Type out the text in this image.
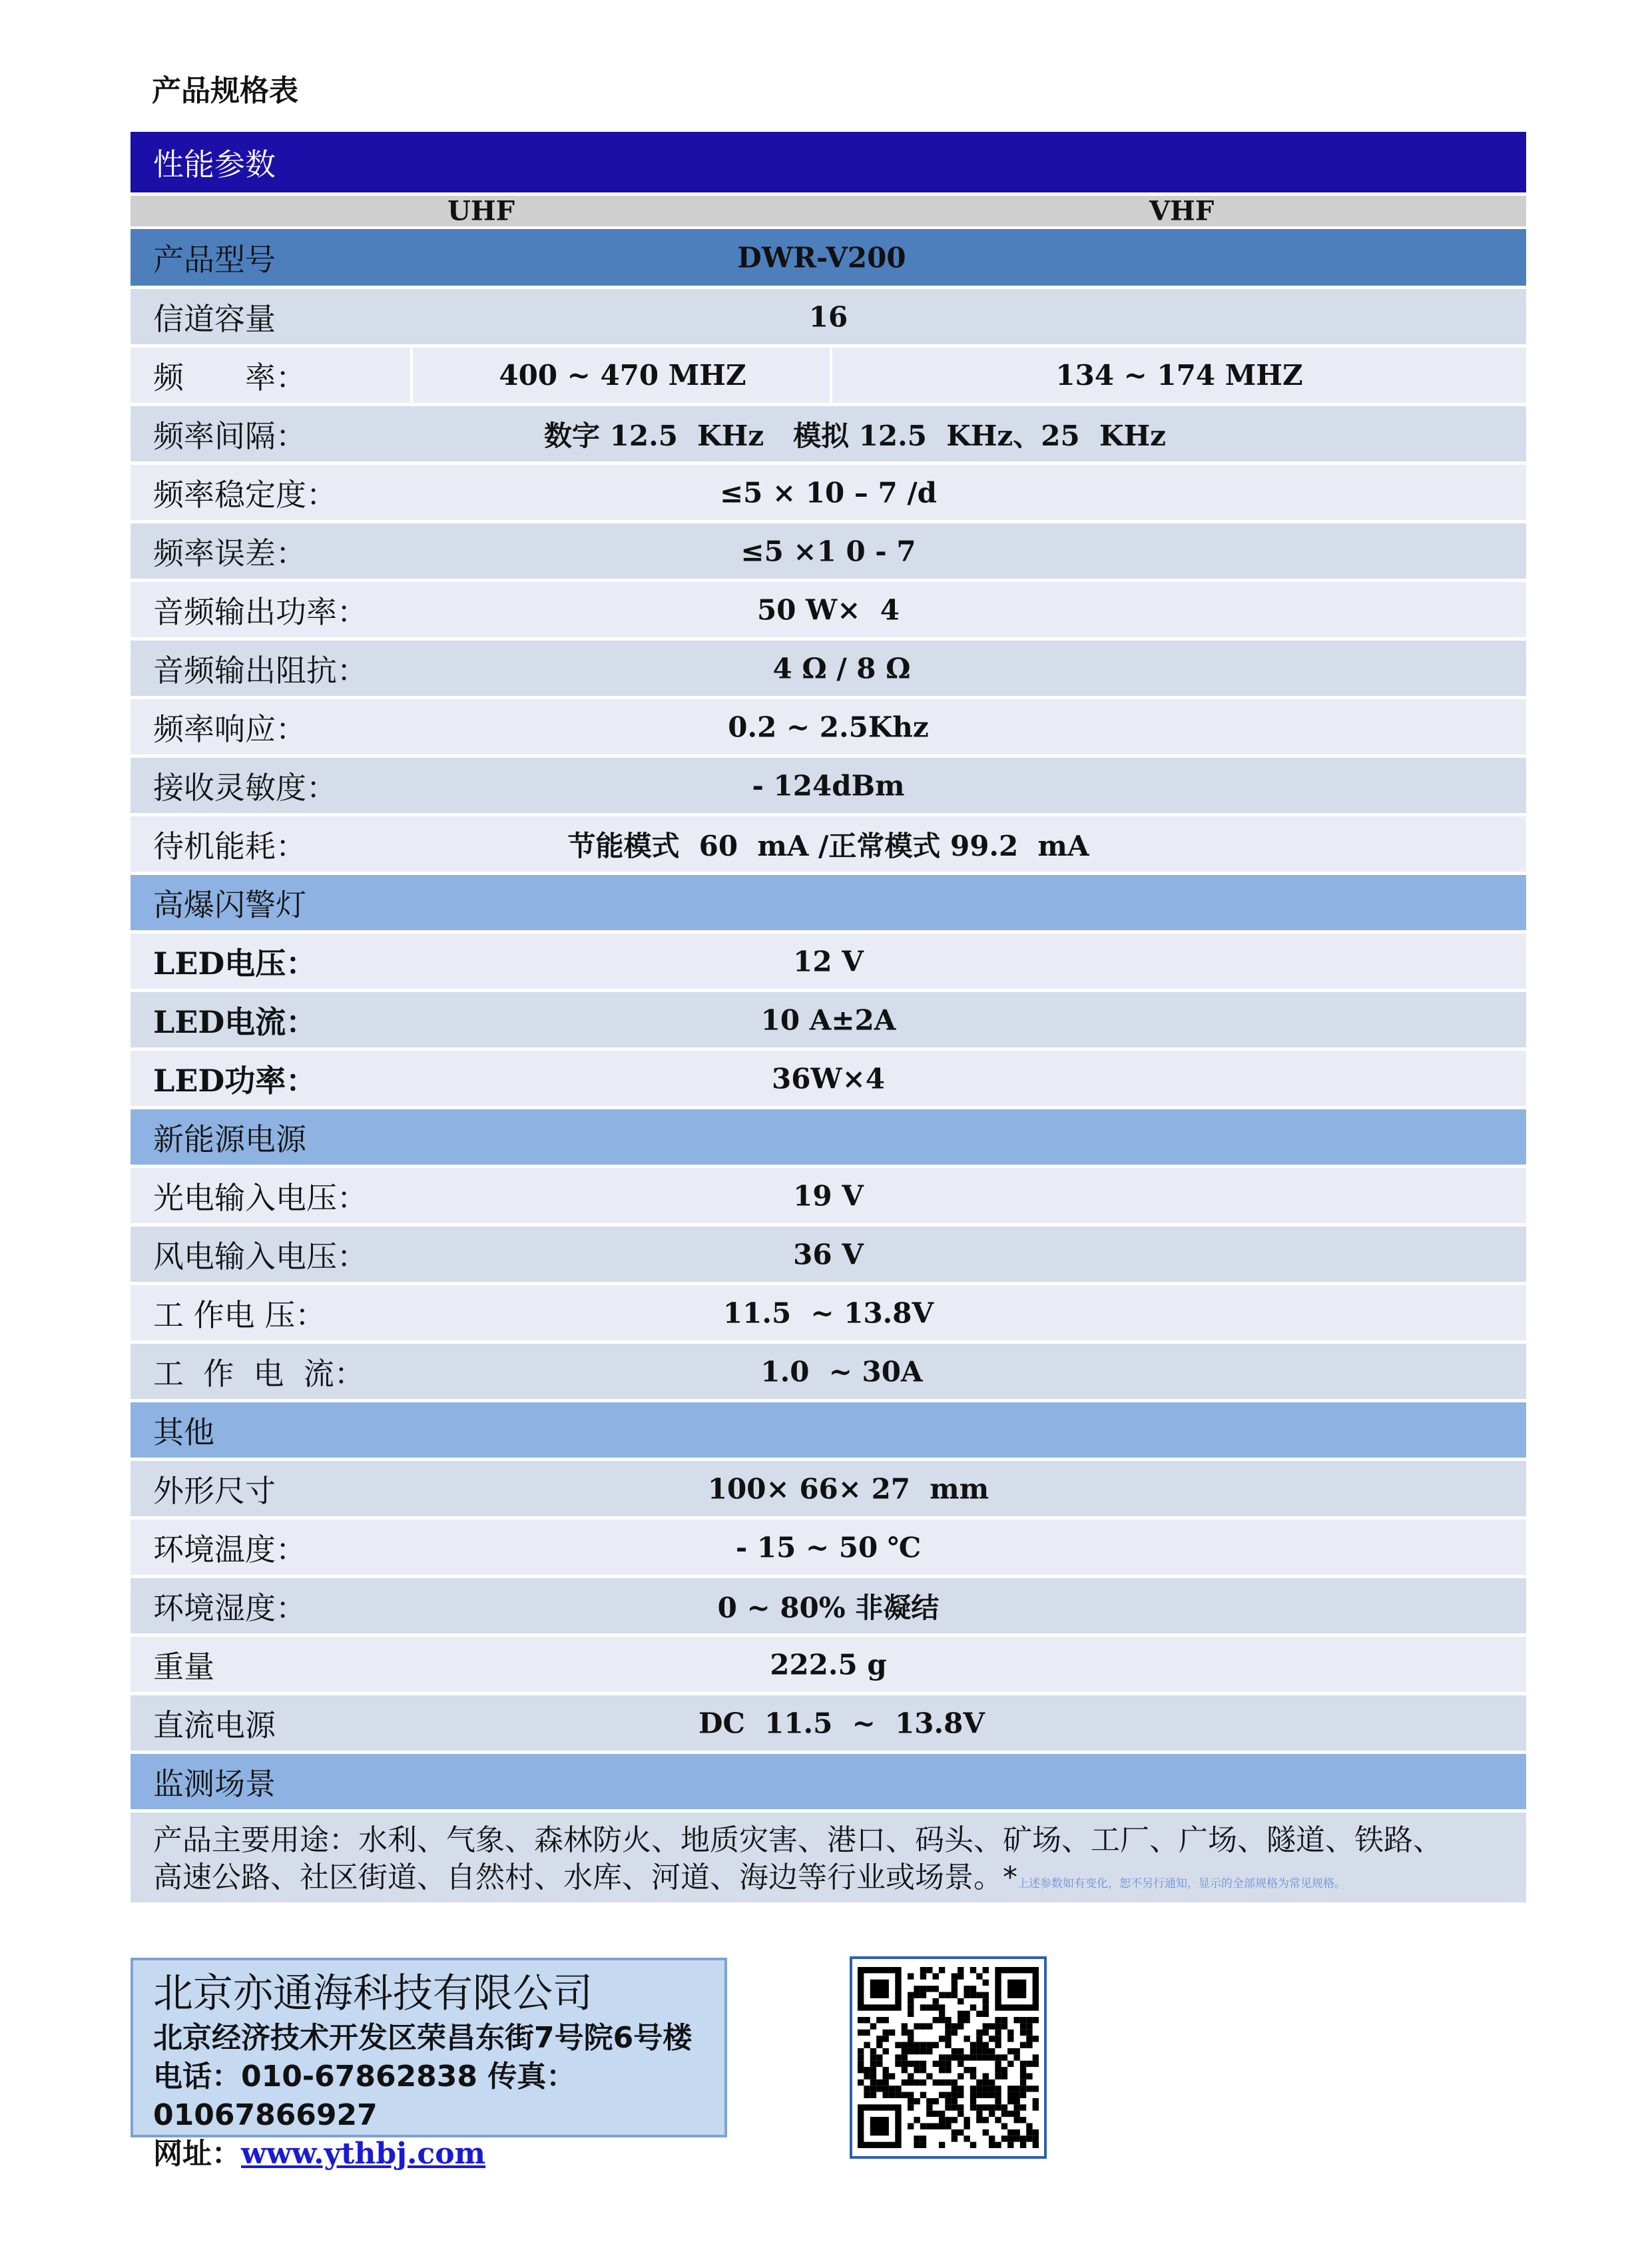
产品规格表
性能参数
UHF	VHF
产品型号	DWR-V200
信道容量	16
频　　率：	400 ~ 470 MHZ	134 ~ 174 MHZ
频率间隔：	数字 12.5  KHz   模拟 12.5  KHz、25  KHz
频率稳定度：	≤5 × 10 – 7 /d
频率误差：	≤5 ×1 0 - 7
音频输出功率：	50 W×  4
音频输出阻抗：	4 Ω / 8 Ω
频率响应：	0.2 ~ 2.5Khz
接收灵敏度：	- 124dBm
待机能耗：	节能模式  60  mA /正常模式 99.2  mA
高爆闪警灯
LED电压：	12 V
LED电流：	10 A±2A
LED功率：	36W×4
新能源电源
光电输入电压：	19 V
风电输入电压：	36 V
工 作电 压：	11.5  ~ 13.8V
工  作  电  流：	1.0  ~ 30A
其他
外形尺寸	100× 66× 27  mm
环境温度：	- 15 ~ 50 ℃
环境湿度：	0 ~ 80% 非凝结
重量	222.5 g
直流电源	DC  11.5  ~  13.8V
监测场景
产品主要用途：水利、气象、森林防火、地质灾害、港口、码头、矿场、工厂、广场、隧道、铁路、
高速公路、社区街道、自然村、水库、河道、海边等行业或场景。*上述参数如有变化，恕不另行通知，显示的全部规格为常见规格。
北京亦通海科技有限公司
北京经济技术开发区荣昌东街7号院6号楼
电话：010-67862838 传真：01067866927
网址：www.ythbj.com
